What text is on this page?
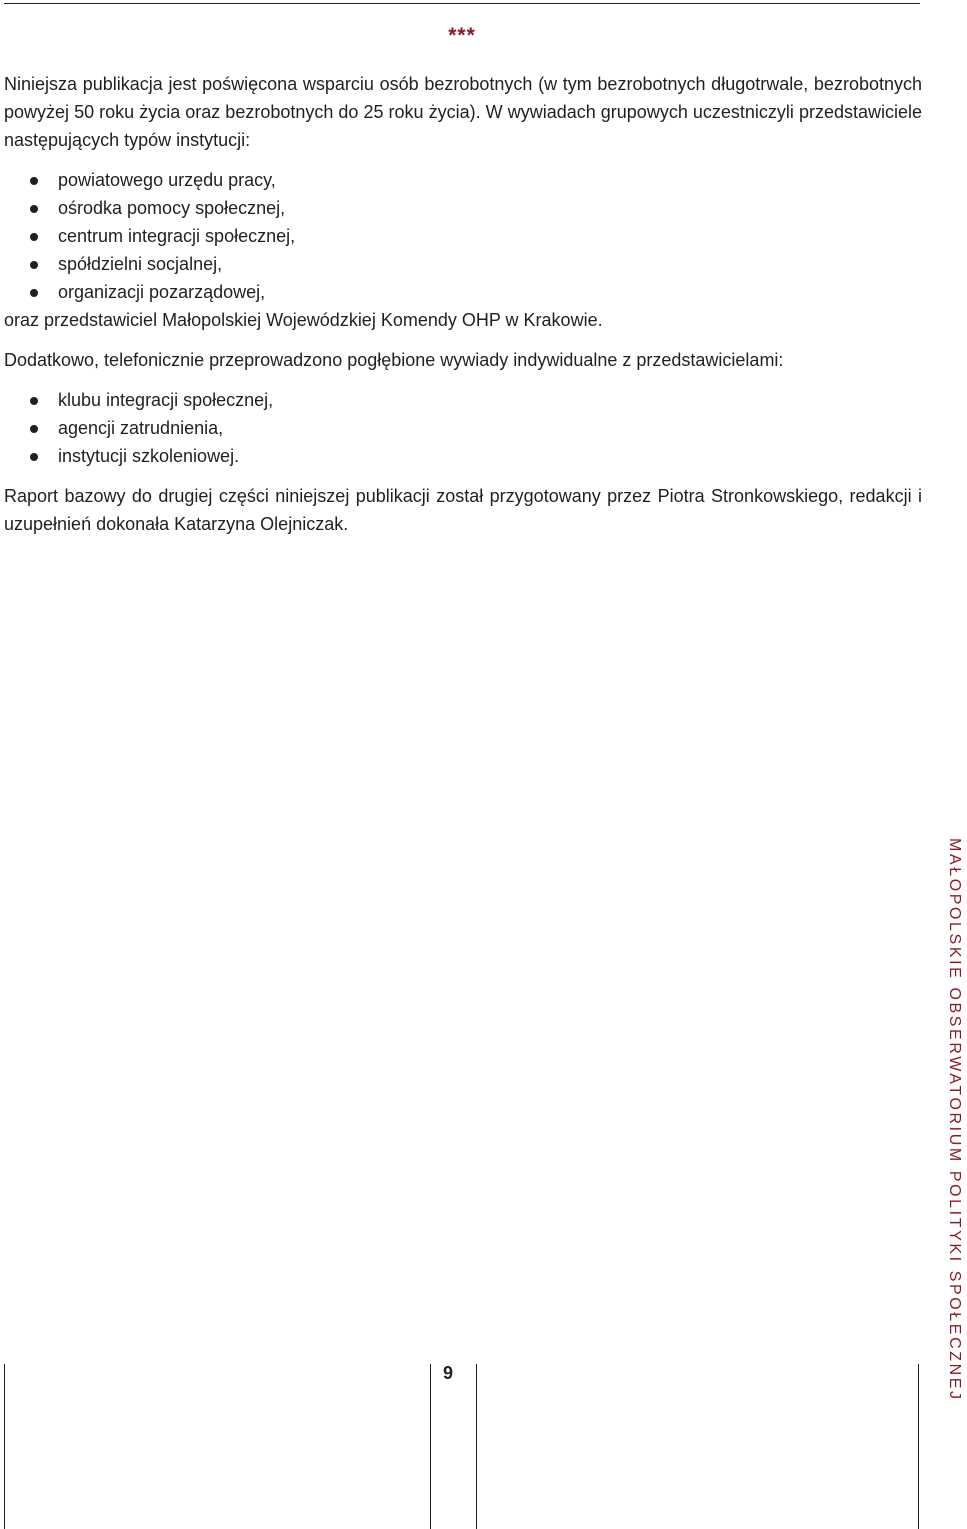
***

Niniejsza publikacja jest poświęcona wsparciu osób bezrobotnych (w tym bezrobotnych długotrwale, bezrobotnych powyżej 50 roku życia oraz bezrobotnych do 25 roku życia). W wywiadach grupowych uczestniczyli przedstawiciele następujących typów instytucji:

powiatowego urzędu pracy,
ośrodka pomocy społecznej,
centrum integracji społecznej,
spółdzielni socjalnej,
organizacji pozarządowej,

oraz przedstawiciel Małopolskiej Wojewódzkiej Komendy OHP w Krakowie.

Dodatkowo, telefonicznie przeprowadzono pogłębione wywiady indywidualne z przedstawicielami:

klubu integracji społecznej,
agencji zatrudnienia,
instytucji szkoleniowej.

Raport bazowy do drugiej części niniejszej publikacji został przygotowany przez Piotra Stronkowskiego, redakcji i uzupełnień dokonała Katarzyna Olejniczak.

MAŁOPOLSKIE OBSERWATORIUM POLITYKI SPOŁECZNEJ
9
